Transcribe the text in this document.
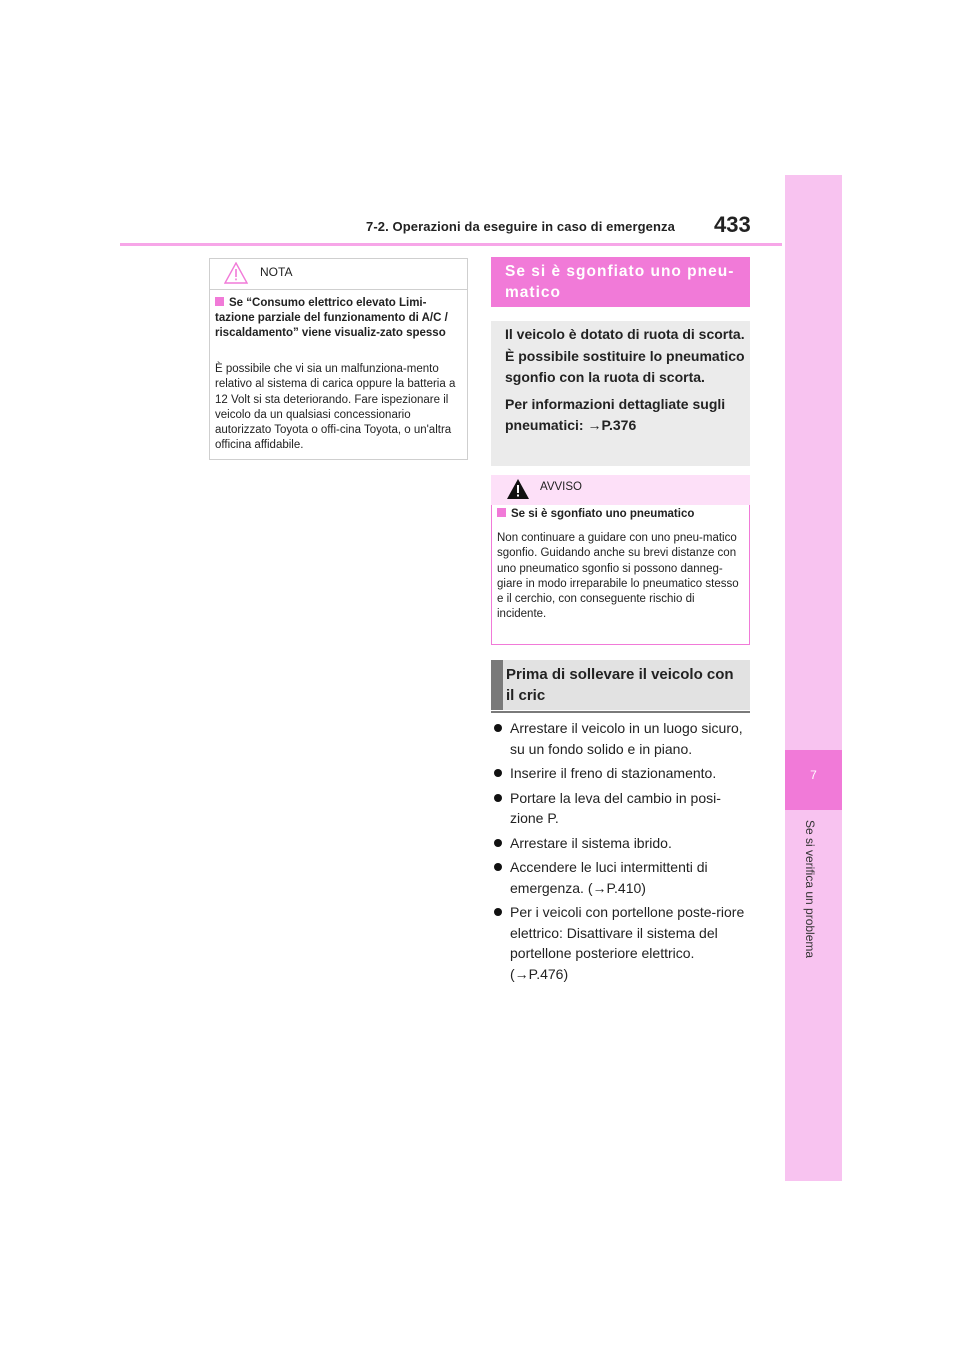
7-2. Operazioni da eseguire in caso di emergenza 433
7
Se si verifica un problema
NOTA
Se “Consumo elettrico elevato Limi-tazione parziale del funzionamento di A/C / riscaldamento” viene visualiz-zato spesso
È possibile che vi sia un malfunziona-mento relativo al sistema di carica oppure la batteria a 12 Volt si sta deteriorando. Fare ispezionare il veicolo da un qualsiasi concessionario autorizzato Toyota o offi-cina Toyota, o un'altra officina affidabile.
Se si è sgonfiato uno pneu-matico
Il veicolo è dotato di ruota di scorta. È possibile sostituire lo pneumatico sgonfio con la ruota di scorta.
Per informazioni dettagliate sugli pneumatici: →P.376
AVVISO
Se si è sgonfiato uno pneumatico
Non continuare a guidare con uno pneu-matico sgonfio. Guidando anche su brevi distanze con uno pneumatico sgonfio si possono danneg-giare in modo irreparabile lo pneumatico stesso e il cerchio, con conseguente rischio di incidente.
Prima di sollevare il veicolo con il cric
Arrestare il veicolo in un luogo sicuro, su un fondo solido e in piano.
Inserire il freno di stazionamento.
Portare la leva del cambio in posi-zione P.
Arrestare il sistema ibrido.
Accendere le luci intermittenti di emergenza. (→P.410)
Per i veicoli con portellone poste-riore elettrico: Disattivare il sistema del portellone posteriore elettrico. (→P.476)
